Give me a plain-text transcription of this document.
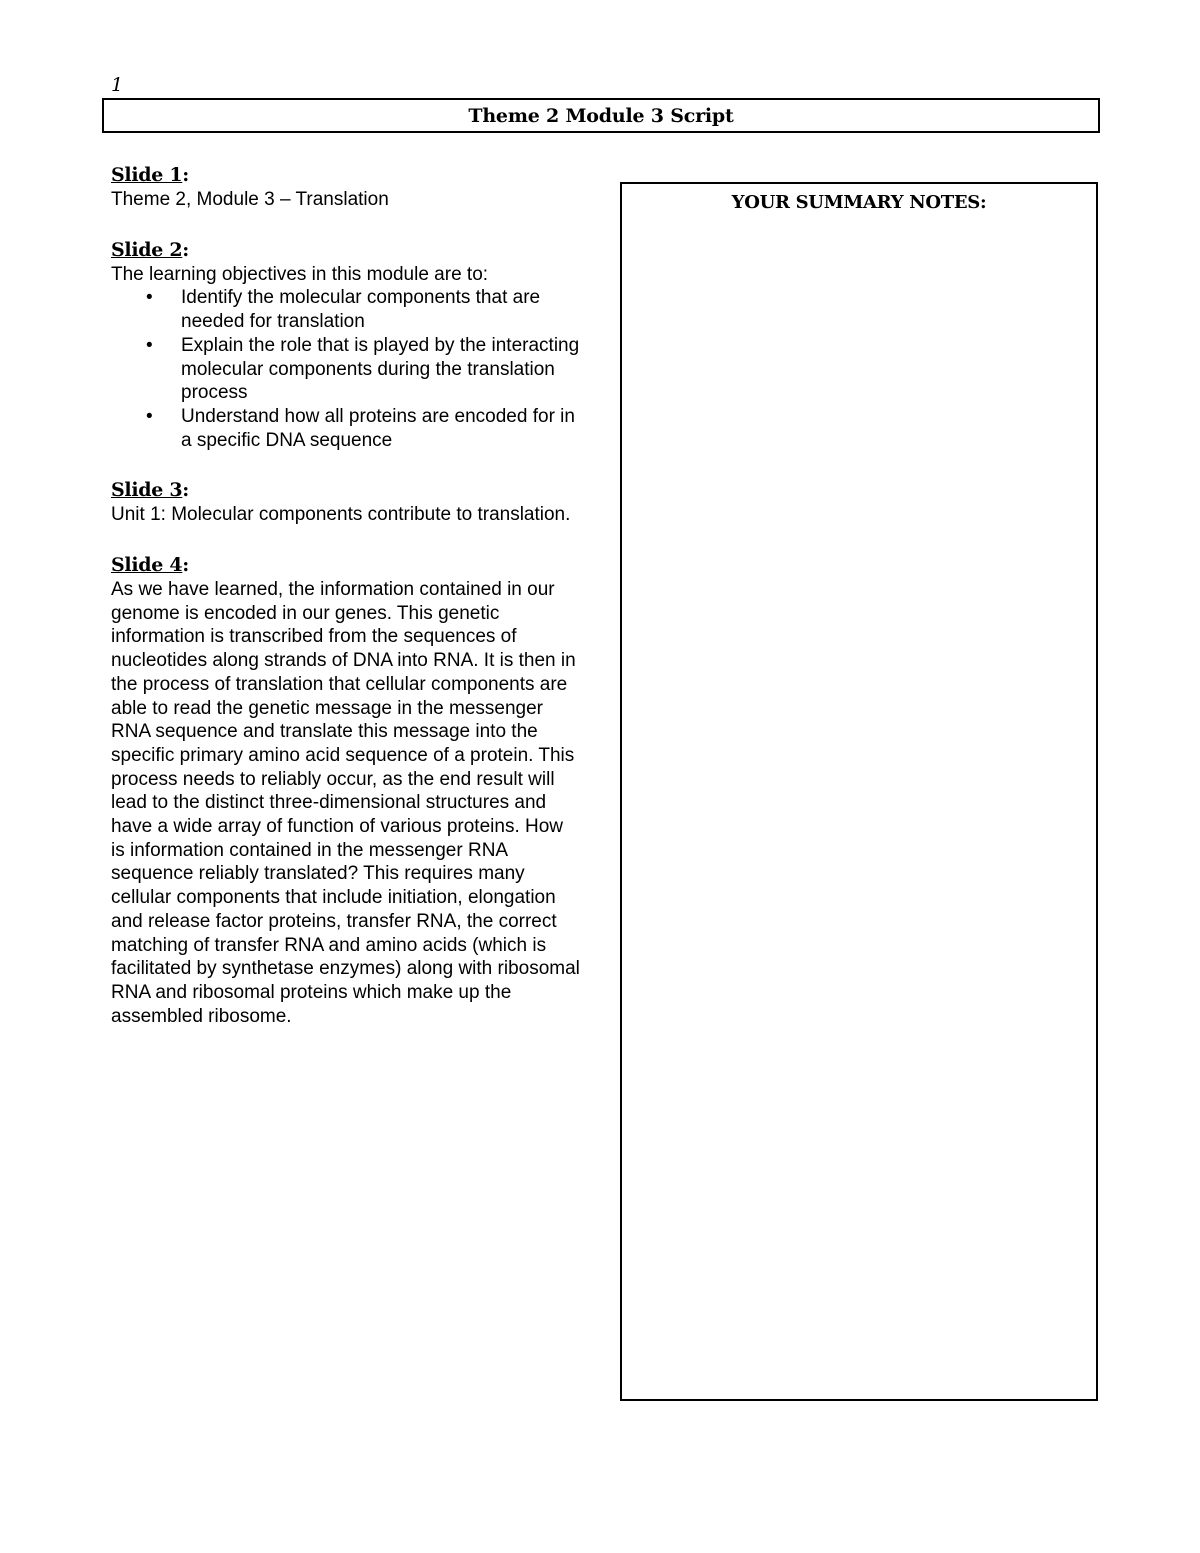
1
Theme 2 Module 3 Script
Slide 1:
Theme 2, Module 3 – Translation
Slide 2:
The learning objectives in this module are to:
• Identify the molecular components that are needed for translation
• Explain the role that is played by the interacting molecular components during the translation process
• Understand how all proteins are encoded for in a specific DNA sequence
Slide 3:
Unit 1: Molecular components contribute to translation.
Slide 4:
As we have learned, the information contained in our genome is encoded in our genes. This genetic information is transcribed from the sequences of nucleotides along strands of DNA into RNA. It is then in the process of translation that cellular components are able to read the genetic message in the messenger RNA sequence and translate this message into the specific primary amino acid sequence of a protein. This process needs to reliably occur, as the end result will lead to the distinct three-dimensional structures and have a wide array of function of various proteins. How is information contained in the messenger RNA sequence reliably translated? This requires many cellular components that include initiation, elongation and release factor proteins, transfer RNA, the correct matching of transfer RNA and amino acids (which is facilitated by synthetase enzymes) along with ribosomal RNA and ribosomal proteins which make up the assembled ribosome.
YOUR SUMMARY NOTES:
